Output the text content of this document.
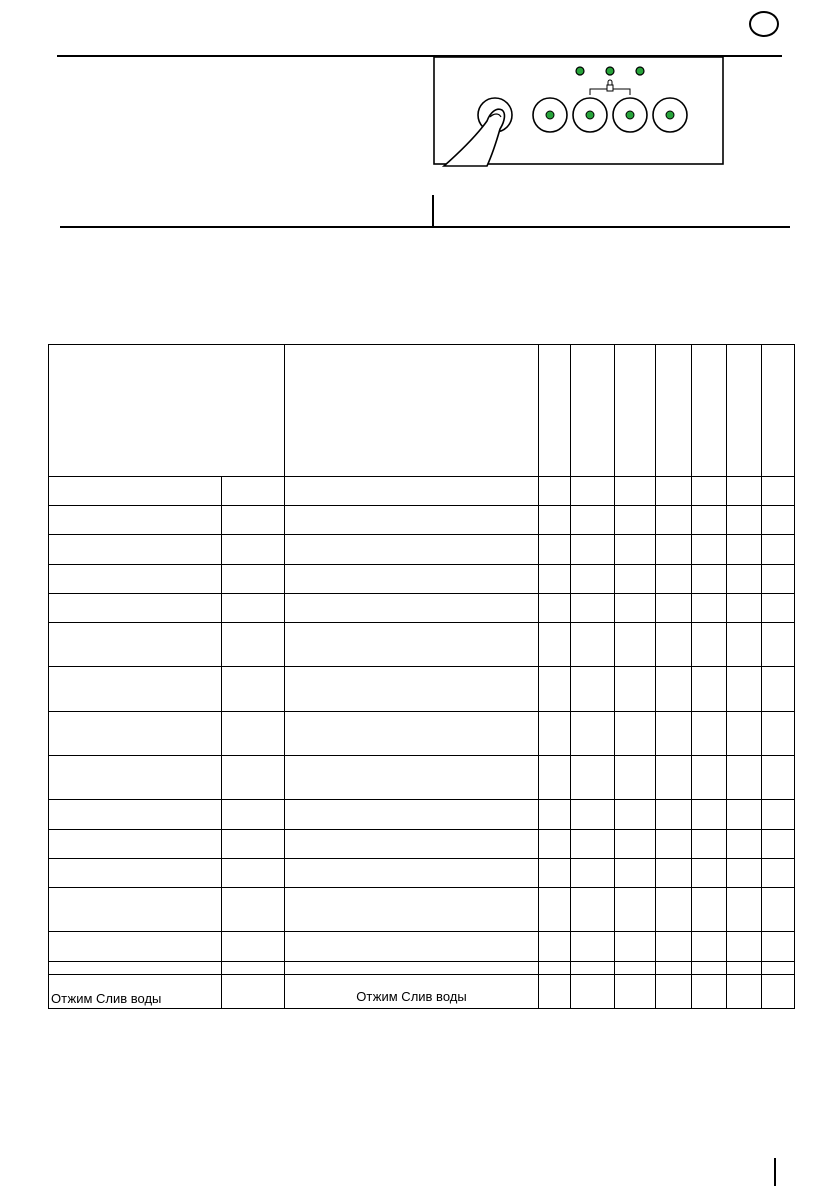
Отжим Слив воды		Отжим Слив воды							
